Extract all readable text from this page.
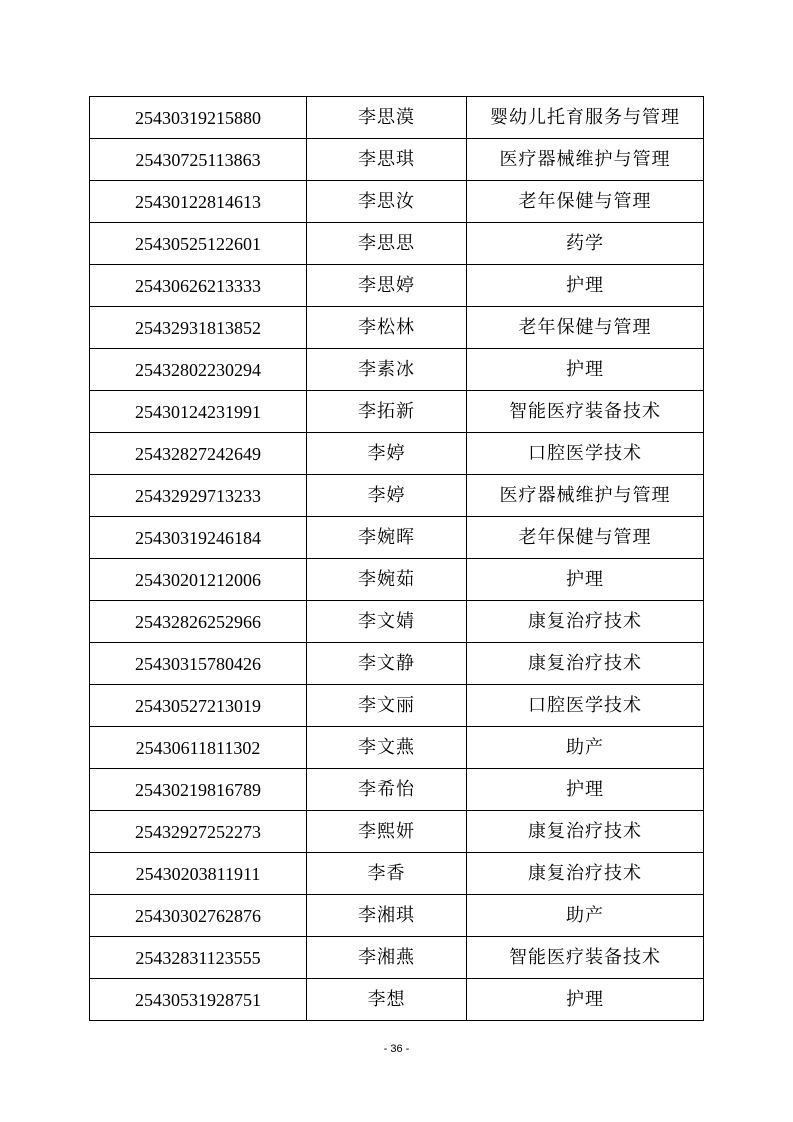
25430319215880	李思漠	婴幼儿托育服务与管理
25430725113863	李思琪	医疗器械维护与管理
25430122814613	李思汝	老年保健与管理
25430525122601	李思思	药学
25430626213333	李思婷	护理
25432931813852	李松林	老年保健与管理
25432802230294	李素冰	护理
25430124231991	李拓新	智能医疗装备技术
25432827242649	李婷	口腔医学技术
25432929713233	李婷	医疗器械维护与管理
25430319246184	李婉晖	老年保健与管理
25430201212006	李婉茹	护理
25432826252966	李文婧	康复治疗技术
25430315780426	李文静	康复治疗技术
25430527213019	李文丽	口腔医学技术
25430611811302	李文燕	助产
25430219816789	李希怡	护理
25432927252273	李熙妍	康复治疗技术
25430203811911	李香	康复治疗技术
25430302762876	李湘琪	助产
25432831123555	李湘燕	智能医疗装备技术
25430531928751	李想	护理
- 36 -
